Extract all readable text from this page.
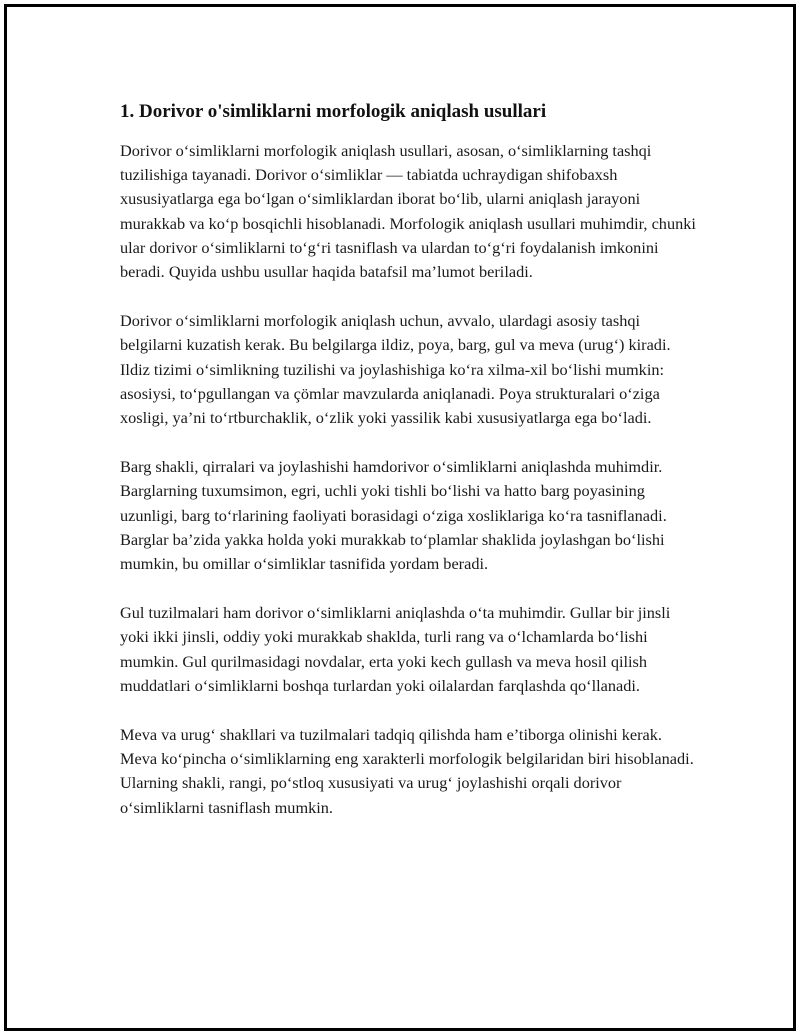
1. Dorivor o'simliklarni morfologik aniqlash usullari

Dorivor o‘simliklarni morfologik aniqlash usullari, asosan, o‘simliklarning tashqi tuzilishiga tayanadi. Dorivor o‘simliklar — tabiatda uchraydigan shifobaxsh xususiyatlarga ega bo‘lgan o‘simliklardan iborat bo‘lib, ularni aniqlash jarayoni murakkab va ko‘p bosqichli hisoblanadi. Morfologik aniqlash usullari muhimdir, chunki ular dorivor o‘simliklarni to‘g‘ri tasniflash va ulardan to‘g‘ri foydalanish imkonini beradi. Quyida ushbu usullar haqida batafsil ma’lumot beriladi.

Dorivor o‘simliklarni morfologik aniqlash uchun, avvalo, ulardagi asosiy tashqi belgilarni kuzatish kerak. Bu belgilarga ildiz, poya, barg, gul va meva (urug‘) kiradi. Ildiz tizimi o‘simlikning tuzilishi va joylashishiga ko‘ra xilma-xil bo‘lishi mumkin: asosiysi, to‘pgullangan va çömlar mavzularda aniqlanadi. Poya strukturalari o‘ziga xosligi, ya’ni to‘rtburchaklik, o‘zlik yoki yassilik kabi xususiyatlarga ega bo‘ladi.

Barg shakli, qirralari va joylashishi hamdorivor o‘simliklarni aniqlashda muhimdir. Barglarning tuxumsimon, egri, uchli yoki tishli bo‘lishi va hatto barg poyasining uzunligi, barg to‘rlarining faoliyati borasidagi o‘ziga xosliklariga ko‘ra tasniflanadi. Barglar ba’zida yakka holda yoki murakkab to‘plamlar shaklida joylashgan bo‘lishi mumkin, bu omillar o‘simliklar tasnifida yordam beradi.

Gul tuzilmalari ham dorivor o‘simliklarni aniqlashda o‘ta muhimdir. Gullar bir jinsli yoki ikki jinsli, oddiy yoki murakkab shaklda, turli rang va o‘lchamlarda bo‘lishi mumkin. Gul qurilmasidagi novdalar, erta yoki kech gullash va meva hosil qilish muddatlari o‘simliklarni boshqa turlardan yoki oilalardan farqlashda qo‘llanadi.

Meva va urug‘ shakllari va tuzilmalari tadqiq qilishda ham e’tiborga olinishi kerak. Meva ko‘pincha o‘simliklarning eng xarakterli morfologik belgilaridan biri hisoblanadi. Ularning shakli, rangi, po‘stloq xususiyati va urug‘ joylashishi orqali dorivor o‘simliklarni tasniflash mumkin.
